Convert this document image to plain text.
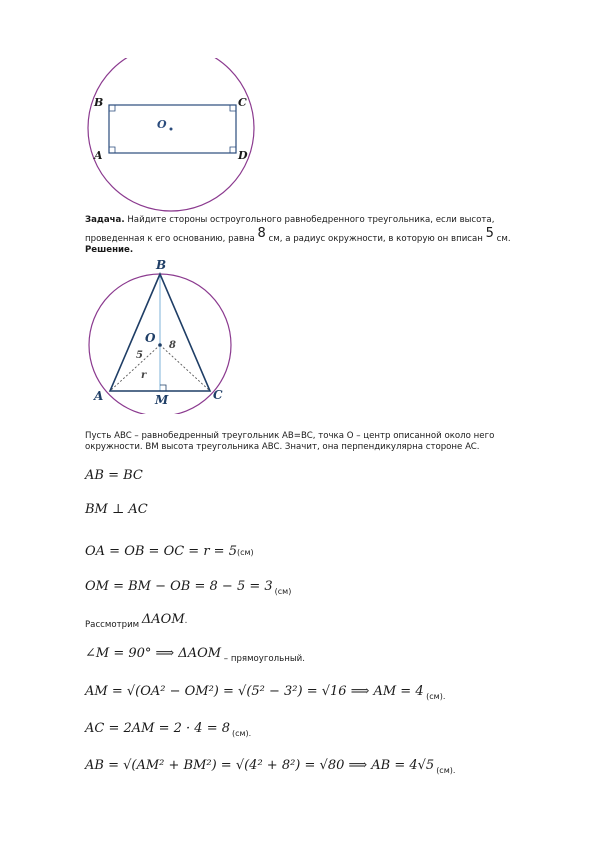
B	C
A	D
O
Задача. Найдите стороны остроугольного равнобедренного треугольника, если высота,
проведенная к его основанию, равна 8 см, а радиус окружности, в которую он вписан 5 см.
Решение.
B
O
A	C
M
5
8
r
Пусть ABC – равнобедренный треугольник AB=BC, точка O – центр описанной около него
окружности. BM высота треугольника ABC. Значит, она перпендикулярна стороне AC.
AB = BC
BM ⊥ AC
OA = OB = OC = r = 5(см)
OM = BM − OB = 8 − 5 = 3 $_{(см)}$
$_{Рассмотрим}$ ΔAOM.
∠M = 90° ⟹ ΔAOM $_{- прямоугольный.}$
AM = √(OA² − OM²) = √(5² − 3²) = √16 ⟹ AM = 4 $_{(см).}$
AC = 2AM = 2 · 4 = 8 $_{(см).}$
AB = √(AM² + BM²) = √(4² + 8²) = √80 ⟹ AB = 4√5 $_{(см).}$
